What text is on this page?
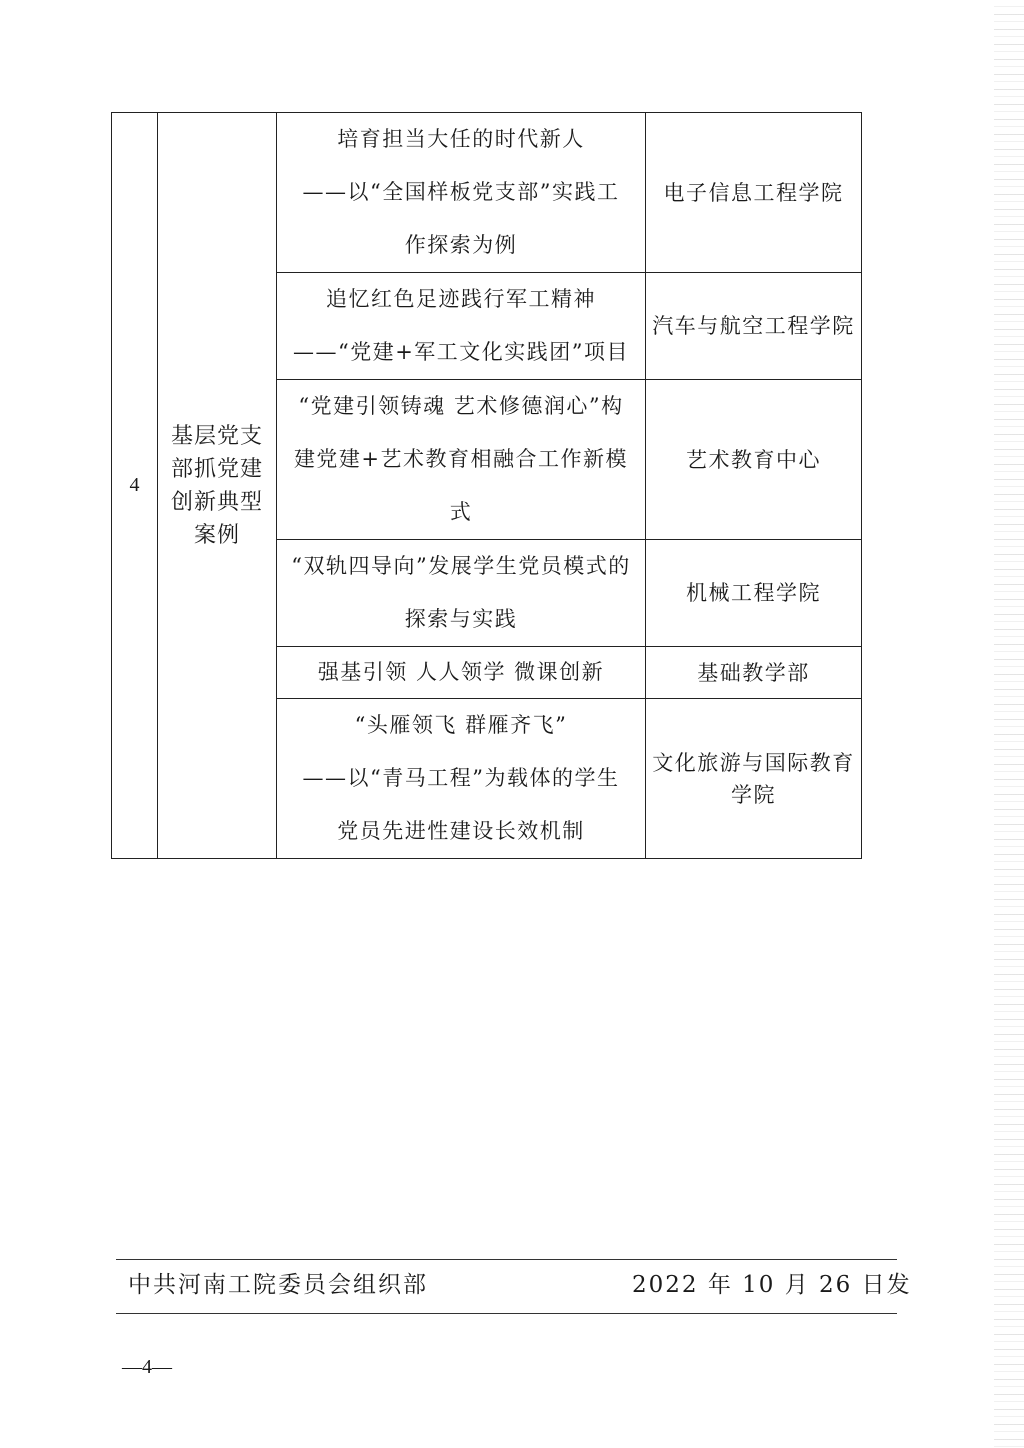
4	基层党支部抓党建创新典型案例	培育担当大任的时代新人
——以“全国样板党支部”实践工
作探索为例	电子信息工程学院

		追忆红色足迹践行军工精神
——“党建+军工文化实践团”项目	汽车与航空工程学院

		“党建引领铸魂 艺术修德润心”构
建党建+艺术教育相融合工作新模
式	艺术教育中心

		“双轨四导向”发展学生党员模式的
探索与实践	机械工程学院

		强基引领 人人领学 微课创新	基础教学部

		“头雁领飞 群雁齐飞”
——以“青马工程”为载体的学生
党员先进性建设长效机制	文化旅游与国际教育学院
中共河南工院委员会组织部	2022 年 10 月 26 日发
—4—
